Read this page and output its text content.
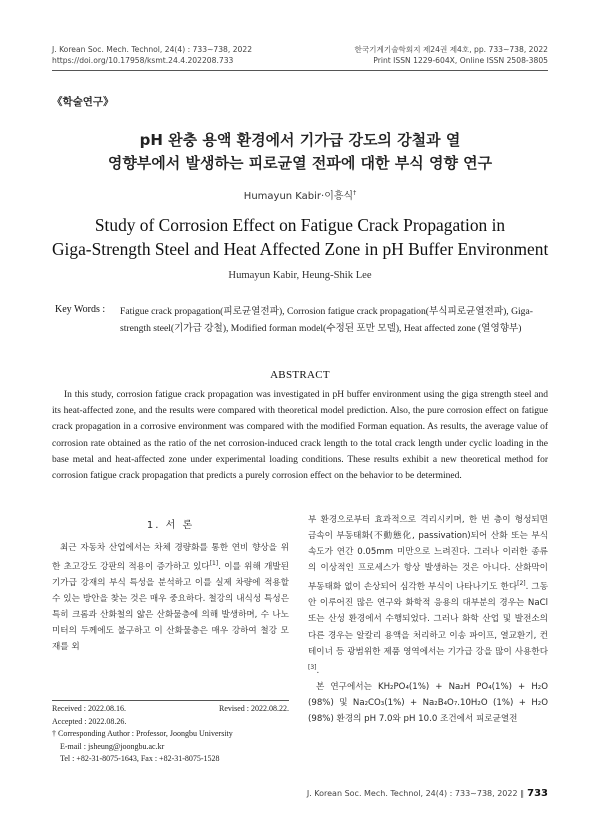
J. Korean Soc. Mech. Technol, 24(4) : 733~738, 2022
https://doi.org/10.17958/ksmt.24.4.202208.733
한국기계기술학회지 제24권 제4호, pp. 733~738, 2022
Print ISSN 1229-604X, Online ISSN 2508-3805
《학술연구》
pH 완충 용액 환경에서 기가급 강도의 강철과 열
영향부에서 발생하는 피로균열 전파에 대한 부식 영향 연구
Humayun Kabir·이흥식†
Study of Corrosion Effect on Fatigue Crack Propagation in
Giga-Strength Steel and Heat Affected Zone in pH Buffer Environment
Humayun Kabir, Heung-Shik Lee
Key Words : Fatigue crack propagation(피로균열전파), Corrosion fatigue crack propagation(부식피로균열전파), Giga-strength steel(기가급 강철), Modified forman model(수정된 포만 모델), Heat affected zone (열영향부)
ABSTRACT
In this study, corrosion fatigue crack propagation was investigated in pH buffer environment using the giga strength steel and its heat-affected zone, and the results were compared with theoretical model prediction. Also, the pure corrosion effect on fatigue crack propagation in a corrosive environment was compared with the modified Forman equation. As results, the average value of corrosion rate obtained as the ratio of the net corrosion-induced crack length to the total crack length under cyclic loading in the base metal and heat-affected zone under experimental loading conditions. These results exhibit a new theoretical method for corrosion fatigue crack propagation that predicts a purely corrosion effect on the behavior to be determined.
1. 서 론
최근 자동차 산업에서는 차체 경량화를 통한 연비 향상을 위한 초고강도 강판의 적용이 증가하고 있다[1]. 이를 위해 개발된 기가급 강재의 부식 특성을 분석하고 이를 실제 차량에 적용할 수 있는 방안을 찾는 것은 매우 중요하다. 철강의 내식성 특성은 특히 크롬과 산화철의 얇은 산화물층에 의해 발생하며, 수 나노미터의 두께에도 불구하고 이 산화물층은 매우 강하여 철강 모재를 외

부 환경으로부터 효과적으로 격리시키며, 한 번 층이 형성되면 금속이 부동태화(不動態化, passivation)되어 산화 또는 부식 속도가 연간 0.05mm 미만으로 느려진다. 그러나 이러한 종류의 이상적인 프로세스가 항상 발생하는 것은 아니다. 산화막이 부동태화 없이 손상되어 심각한 부식이 나타나기도 한다[2]. 그동안 이루어진 많은 연구와 화학적 응용의 대부분의 경우는 NaCl 또는 산성 환경에서 수행되었다. 그러나 화학 산업 및 발전소의 다른 경우는 알칼리 용액을 처리하고 이송 파이프, 열교환기, 컨테이너 등 광범위한 제품 영역에서는 기가급 강을 많이 사용한다[3].

본 연구에서는 KH₂PO₄(1%) + Na₂H PO₄(1%) + H₂O (98%) 및 Na₂CO₃(1%) + Na₂B₄O₇.10H₂O (1%) + H₂O (98%) 환경의 pH 7.0와 pH 10.0 조건에서 피로균열전

Received : 2022.08.16.	Revised : 2022.08.22.
Accepted : 2022.08.26.
† Corresponding Author : Professor, Joongbu University
E-mail : jsheung@joongbu.ac.kr
Tel : +82-31-8075-1643, Fax : +82-31-8075-1528
J. Korean Soc. Mech. Technol, 24(4) : 733~738, 2022 ∥ 733
